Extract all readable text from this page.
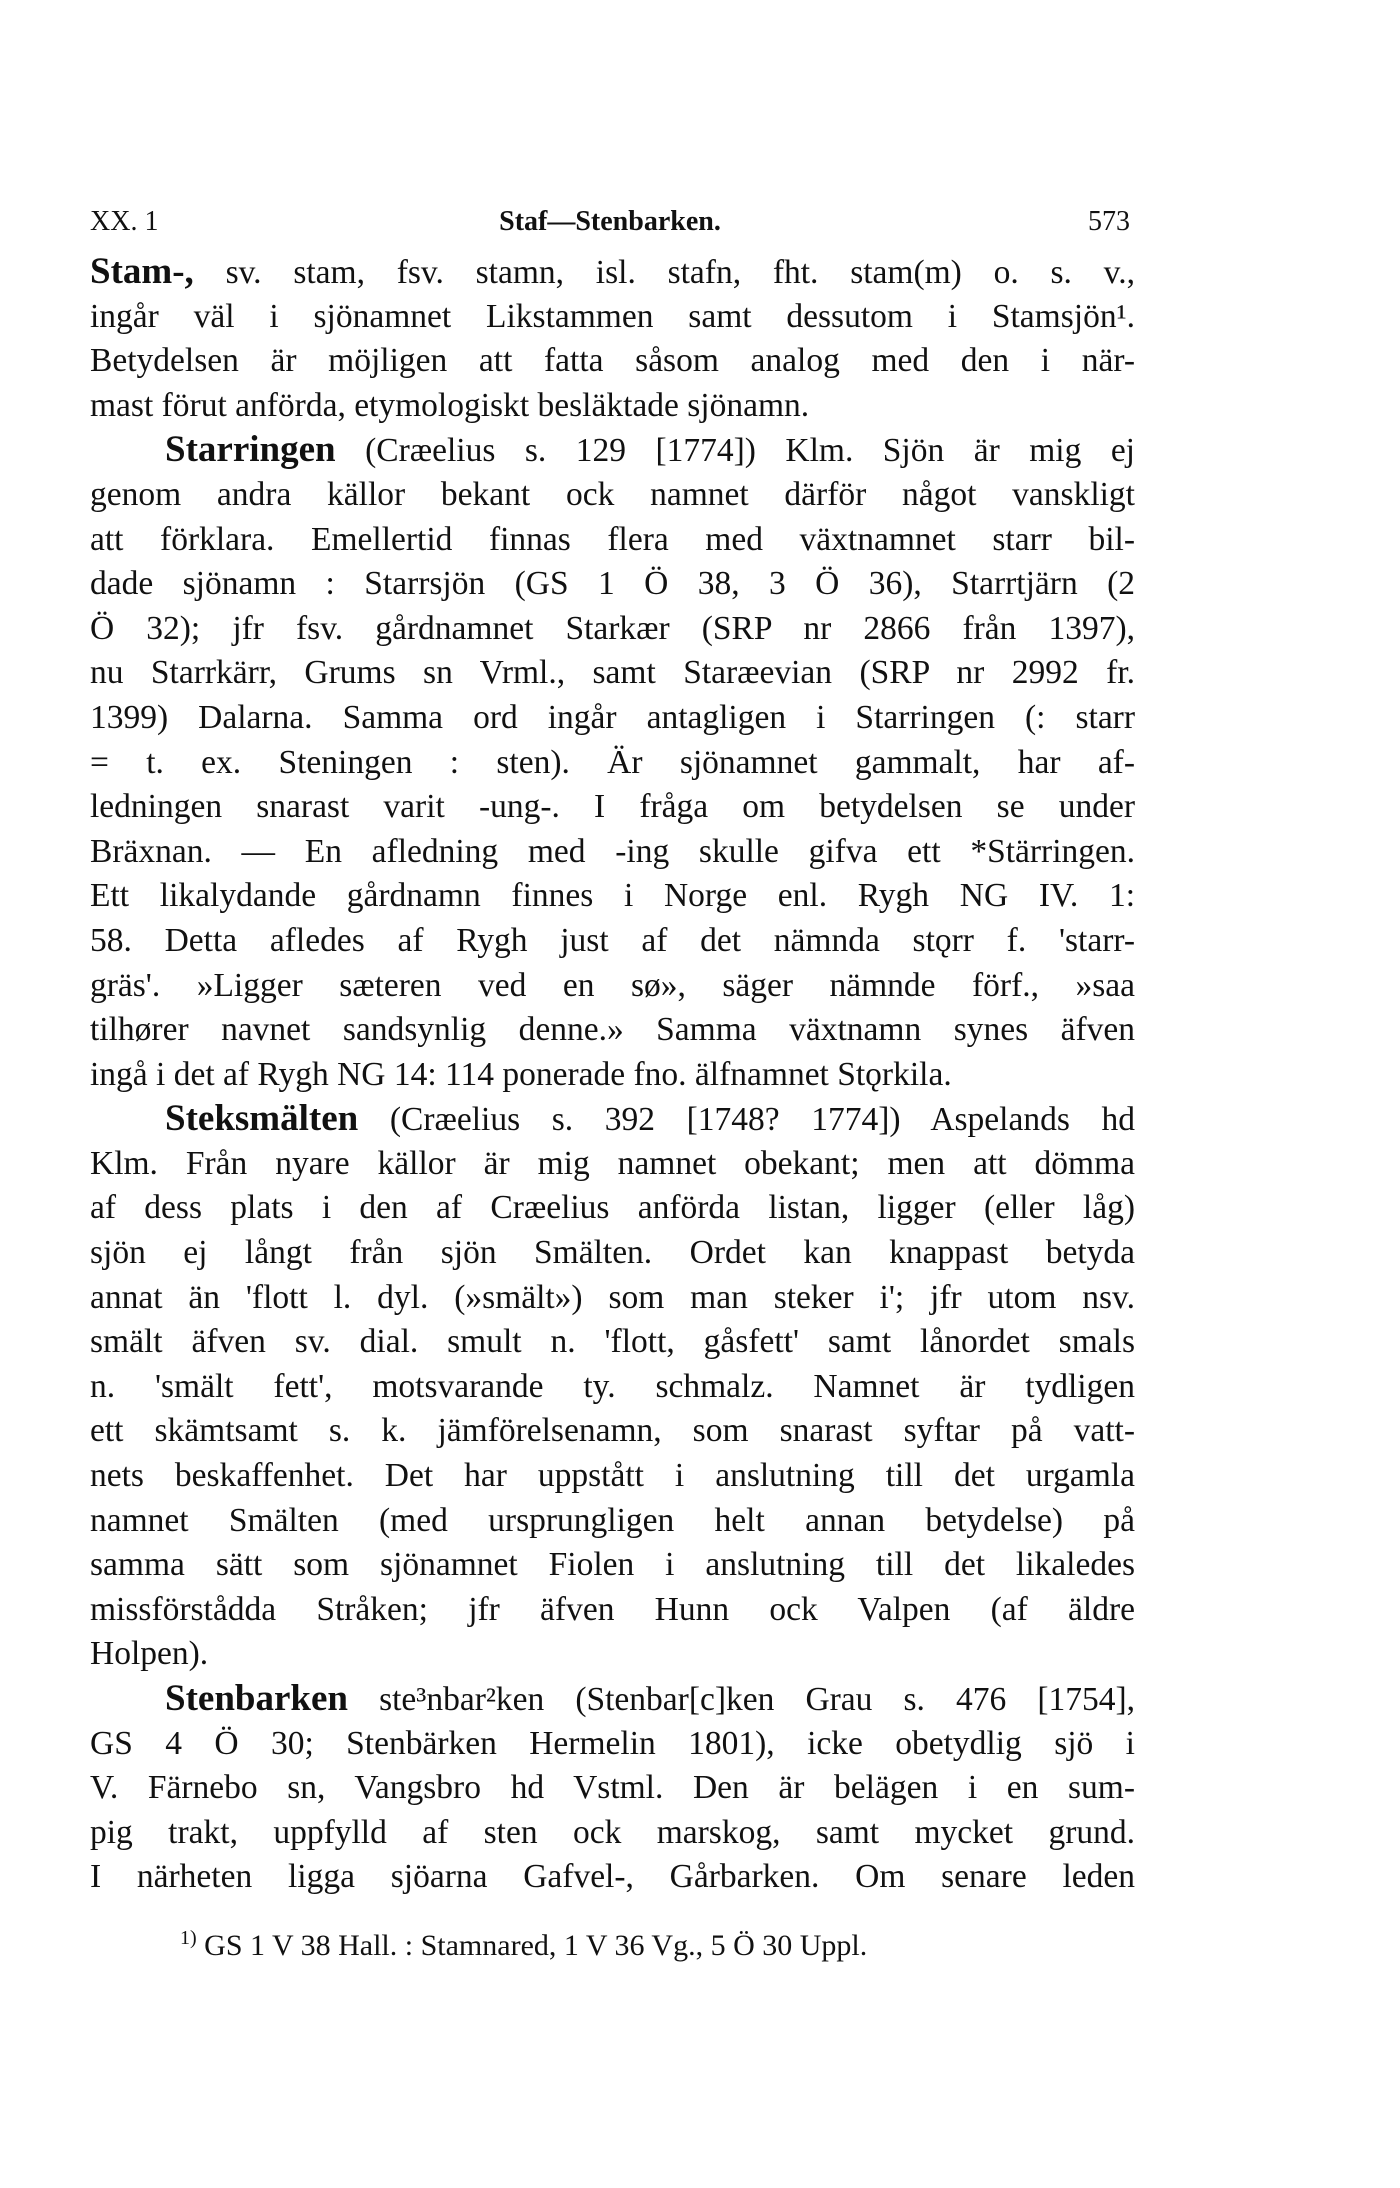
XX. 1	Staf—Stenbarken.	573
Stam-, sv. stam, fsv. stamn, isl. stafn, fht. stam(m) o. s. v.,
ingår väl i sjönamnet Likstammen samt dessutom i Stamsjön¹.
Betydelsen är möjligen att fatta såsom analog med den i när-
mast förut anförda, etymologiskt besläktade sjönamn.
Starringen (Cræelius s. 129 [1774]) Klm. Sjön är mig ej
genom andra källor bekant ock namnet därför något vanskligt
att förklara. Emellertid finnas flera med växtnamnet starr bil-
dade sjönamn : Starrsjön (GS 1 Ö 38, 3 Ö 36), Starrtjärn (2
Ö 32); jfr fsv. gårdnamnet Starkær (SRP nr 2866 från 1397),
nu Starrkärr, Grums sn Vrml., samt Staræevian (SRP nr 2992 fr.
1399) Dalarna. Samma ord ingår antagligen i Starringen (: starr
= t. ex. Steningen : sten). Är sjönamnet gammalt, har af-
ledningen snarast varit -ung-. I fråga om betydelsen se under
Bräxnan. — En afledning med -ing skulle gifva ett *Stärringen.
Ett likalydande gårdnamn finnes i Norge enl. Rygh NG IV. 1:
58. Detta afledes af Rygh just af det nämnda stǫrr f. 'starr-
gräs'. »Ligger sæteren ved en sø», säger nämnde förf., »saa
tilhører navnet sandsynlig denne.» Samma växtnamn synes äfven
ingå i det af Rygh NG 14: 114 ponerade fno. älfnamnet Stǫrkila.
Steksmälten (Cræelius s. 392 [1748? 1774]) Aspelands hd
Klm. Från nyare källor är mig namnet obekant; men att dömma
af dess plats i den af Cræelius anförda listan, ligger (eller låg)
sjön ej långt från sjön Smälten. Ordet kan knappast betyda
annat än 'flott l. dyl. (»smält») som man steker i'; jfr utom nsv.
smält äfven sv. dial. smult n. 'flott, gåsfett' samt lånordet smals
n. 'smält fett', motsvarande ty. schmalz. Namnet är tydligen
ett skämtsamt s. k. jämförelsenamn, som snarast syftar på vatt-
nets beskaffenhet. Det har uppstått i anslutning till det urgamla
namnet Smälten (med ursprungligen helt annan betydelse) på
samma sätt som sjönamnet Fiolen i anslutning till det likaledes
missförstådda Stråken; jfr äfven Hunn ock Valpen (af äldre
Holpen).
Stenbarken ste³nbar²ken (Stenbar[c]ken Grau s. 476 [1754],
GS 4 Ö 30; Stenbärken Hermelin 1801), icke obetydlig sjö i
V. Färnebo sn, Vangsbro hd Vstml. Den är belägen i en sum-
pig trakt, uppfylld af sten ock marskog, samt mycket grund.
I närheten ligga sjöarna Gafvel-, Gårbarken. Om senare leden
$^{1)}$ GS 1 V 38 Hall. : Stamnared, 1 V 36 Vg., 5 Ö 30 Uppl.
